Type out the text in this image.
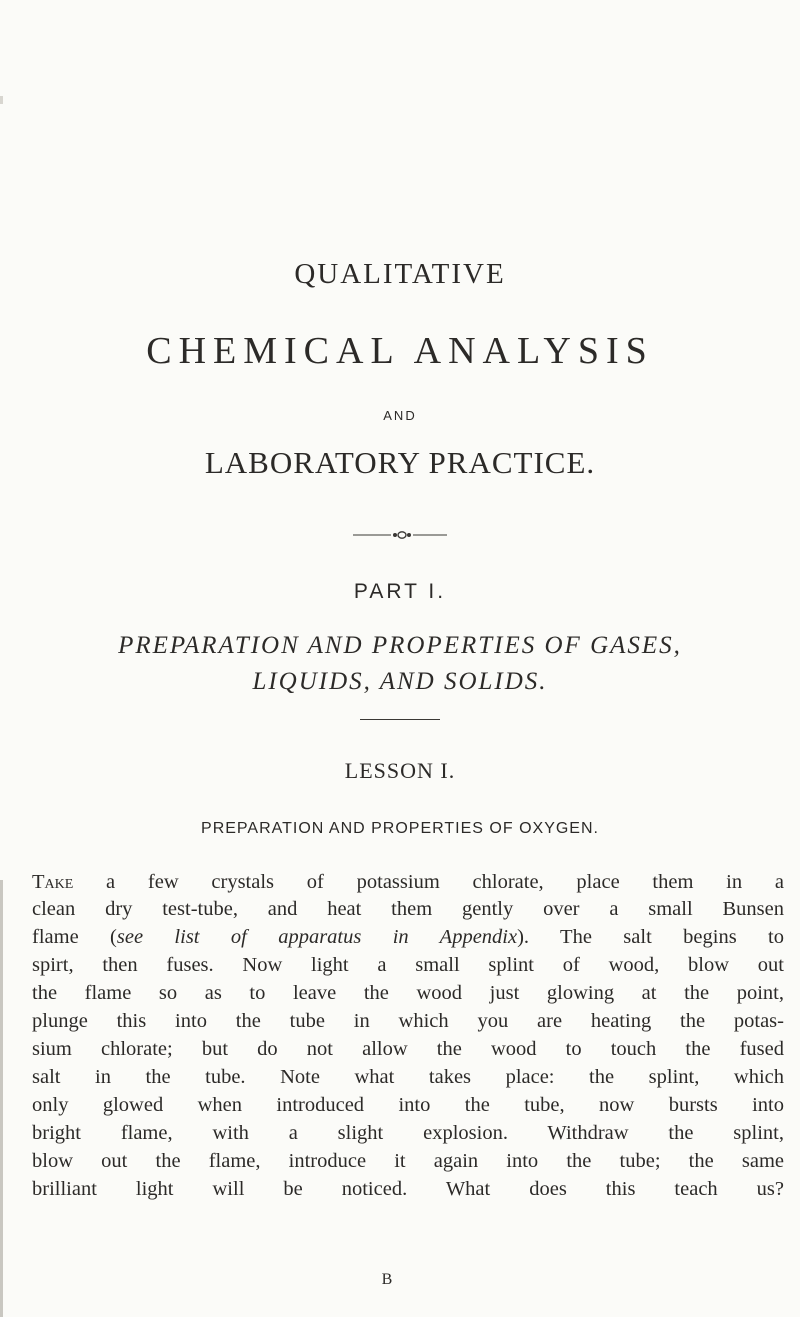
QUALITATIVE
CHEMICAL ANALYSIS
AND
LABORATORY PRACTICE.
PART I.
PREPARATION AND PROPERTIES OF GASES,
LIQUIDS, AND SOLIDS.
LESSON I.
PREPARATION AND PROPERTIES OF OXYGEN.
Take a few crystals of potassium chlorate, place them in a
clean dry test-tube, and heat them gently over a small Bunsen
flame (see list of apparatus in Appendix). The salt begins to
spirt, then fuses. Now light a small splint of wood, blow out
the flame so as to leave the wood just glowing at the point,
plunge this into the tube in which you are heating the potas-
sium chlorate; but do not allow the wood to touch the fused
salt in the tube. Note what takes place: the splint, which
only glowed when introduced into the tube, now bursts into
bright flame, with a slight explosion. Withdraw the splint,
blow out the flame, introduce it again into the tube; the same
brilliant light will be noticed. What does this teach us?
B
